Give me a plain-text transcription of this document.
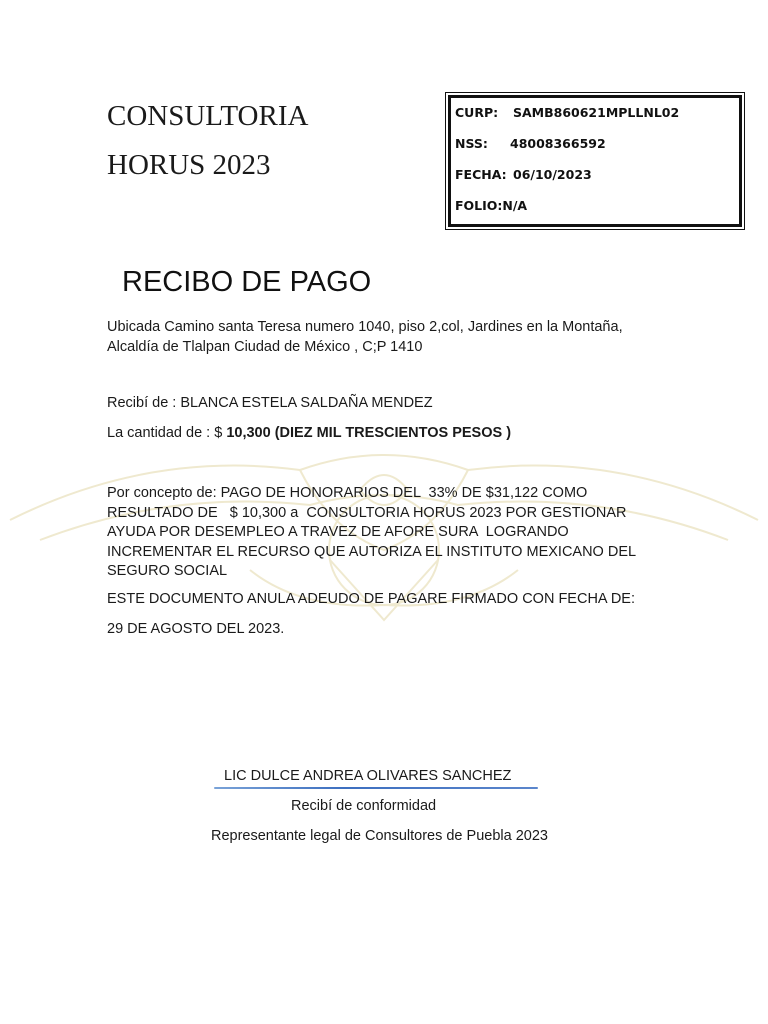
CONSULTORIA
HORUS 2023
CURP:	SAMB860621MPLLNL02
NSS:	48008366592
FECHA: 06/10/2023
FOLIO: N/A
RECIBO DE PAGO
Ubicada Camino santa Teresa numero 1040, piso 2,col, Jardines en la Montaña,
Alcaldía de Tlalpan Ciudad de México , C;P 1410
Recibí de : BLANCA ESTELA SALDAÑA MENDEZ
La cantidad de : $ 10,300 (DIEZ MIL TRESCIENTOS PESOS )
Por concepto de: PAGO DE HONORARIOS DEL  33% DE $31,122 COMO
RESULTADO DE   $ 10,300 a  CONSULTORIA HORUS 2023 POR GESTIONAR
AYUDA POR DESEMPLEO A TRAVEZ DE AFORE SURA  LOGRANDO
INCREMENTAR EL RECURSO QUE AUTORIZA EL INSTITUTO MEXICANO DEL
SEGURO SOCIAL
ESTE DOCUMENTO ANULA ADEUDO DE PAGARE FIRMADO CON FECHA DE:
29 DE AGOSTO DEL 2023.
LIC DULCE ANDREA OLIVARES SANCHEZ
Recibí de conformidad
Representante legal de Consultores de Puebla 2023
